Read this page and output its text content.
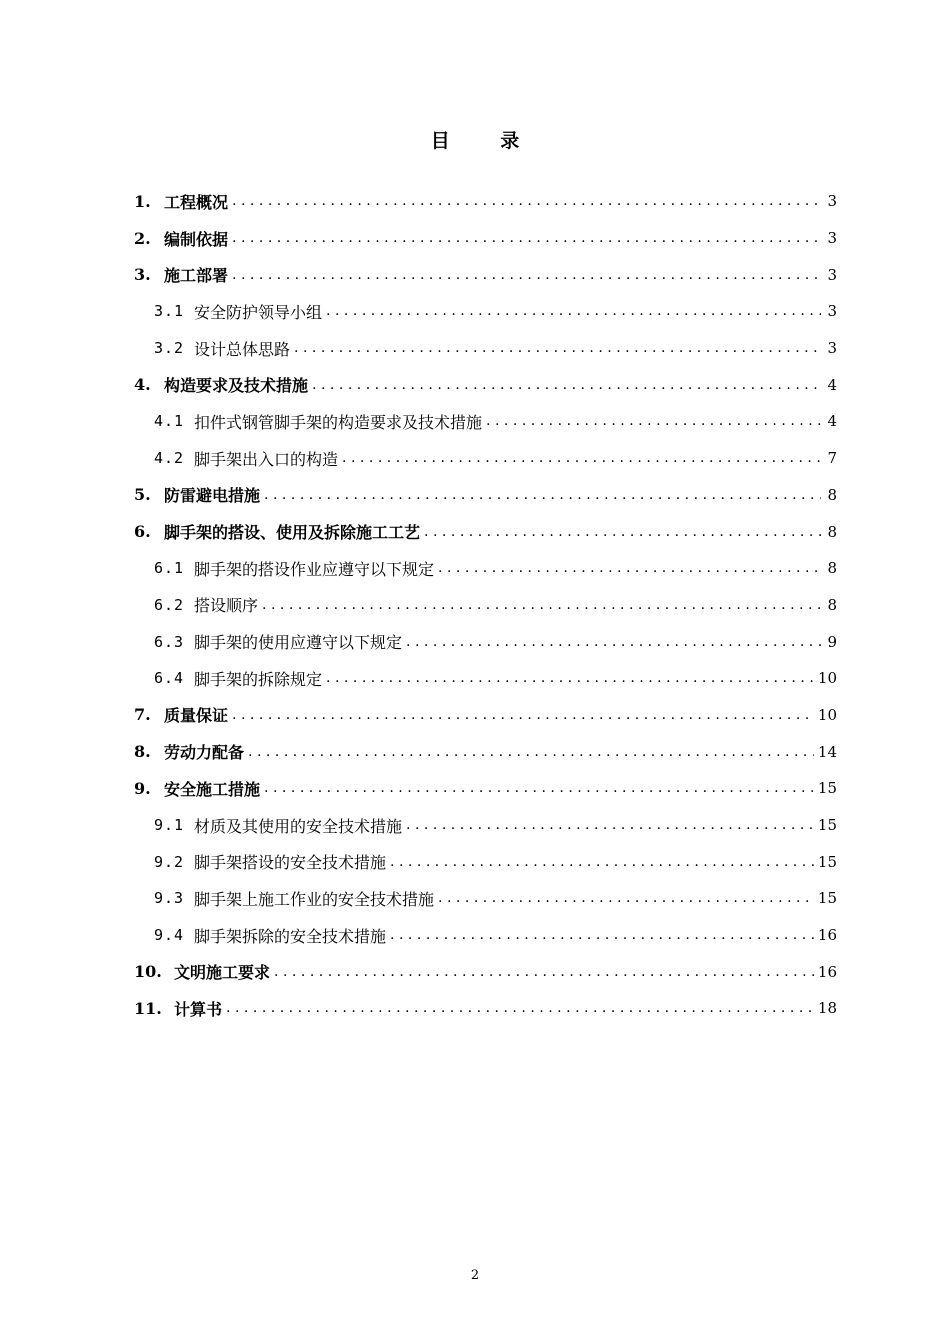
目 录
1. 工程概况 .....	3
2. 编制依据 .....	3
3. 施工部署 .....	3
3.1 安全防护领导小组 .....	3
3.2 设计总体思路 .....	3
4. 构造要求及技术措施 .....	4
4.1 扣件式钢管脚手架的构造要求及技术措施 .....	4
4.2 脚手架出入口的构造 .....	7
5. 防雷避电措施 .....	8
6. 脚手架的搭设、使用及拆除施工工艺 .....	8
6.1 脚手架的搭设作业应遵守以下规定 .....	8
6.2 搭设顺序 .....	8
6.3 脚手架的使用应遵守以下规定 .....	9
6.4 脚手架的拆除规定 .....	10
7. 质量保证 .....	10
8. 劳动力配备 .....	14
9. 安全施工措施 .....	15
9.1 材质及其使用的安全技术措施 .....	15
9.2 脚手架搭设的安全技术措施 .....	15
9.3 脚手架上施工作业的安全技术措施 .....	15
9.4 脚手架拆除的安全技术措施 .....	16
10. 文明施工要求 .....	16
11. 计算书 .....	18
2
